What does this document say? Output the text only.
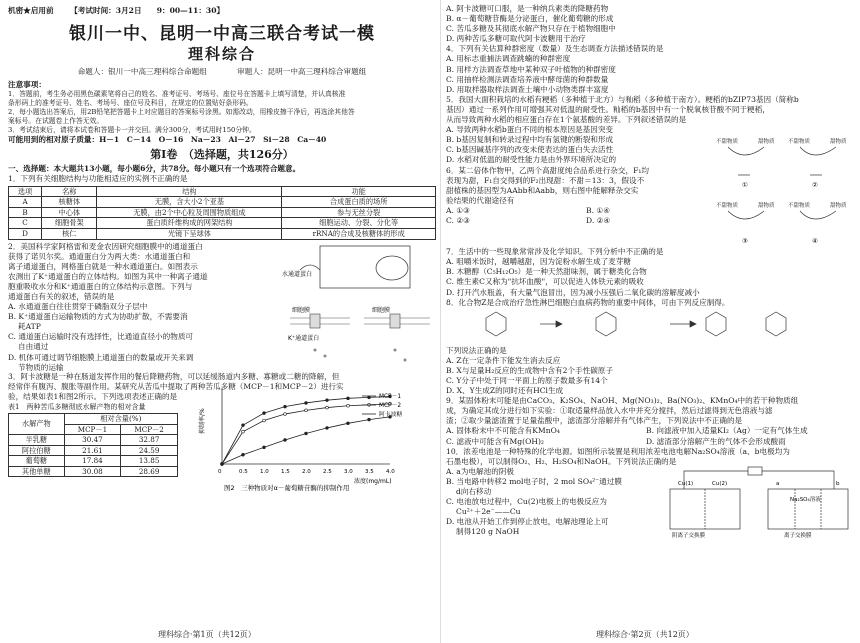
机密★启用前 【考试时间：3月2日　　9：00—11：30】
银川一中、昆明一中高三联合考试一模
理科综合
命题人：银川一中高三理科综合命题组　　　　审题人：昆明一中高三理科综合审题组
注意事项：
1．答题前，考生务必用黑色碳素笔将自己的姓名、准考证号、考场号、座位号在答题卡上填写清楚，并认真核准
条形码上的准考证号、姓名、考场号、座位号及科目，在规定的位置贴好条形码。
2．每小题选出答案后，用2B铅笔把答题卡上对应题目的答案标号涂黑。如需改动，用橡皮擦干净后，再选涂其他答
案标号。在试题卷上作答无效。
3．考试结束后，请将本试卷和答题卡一并交回。满分300分，考试用时150分钟。
可能用到的相对原子质量：H－1　C－14　O－16　Na－23　Al－27　Si－28　Ca－40
第Ⅰ卷　（选择题，共126分）
一、选择题：本大题共13小题，每小题6分，共78分。每小题只有一个选项符合题意。
1．下列有关细胞结构与功能相适应的实例不正确的是
选项	名称	结构	功能
A	核糖体	无膜，含大小2个亚基	合成蛋白质的场所
B	中心体	无膜，由2个中心粒及周围物质组成	参与无丝分裂
C	细胞骨架	蛋白质纤维构成的网架结构	细胞运动、分裂、分化等
D	核仁	光镜下呈球体	rRNA的合成及核糖体的形成
2．美国科学家阿格雷和麦金农因研究细胞膜中的通道蛋白
获得了诺贝尔奖。通道蛋白分为两大类：水通道蛋白和
离子通道蛋白，网格蛋白就是一种水通道蛋白。如图表示
农测出了K⁺通道蛋白的立体结构。如图为其中一种离子通道
胞重吸收水分和K⁺通道蛋白的立体结构示意图。下列与
通道蛋白有关的叙述，错误的是
A. 水通道蛋白往往贯穿于磷脂双分子层中
B. K⁺通道蛋白运输物质的方式为协助扩散，不需要消
　 耗ATP
C. 通道蛋白运输时没有选择性，比通道直径小的物质可
　 自由通过
D. 机体可通过调节细胞膜上通道蛋白的数量或开关来调
　 节物质的运输
水通道蛋白
细胞膜
K⁺通道蛋白
细胞膜
3．阿卡波糖是一种在肠道发挥作用的餐后降糖药物，可以延缓肠道内多糖、寡糖或二糖的降解，但
经常伴有腹泻、腹胀等副作用。某研究从苦瓜中提取了两种苦瓜多糖（MCP－1和MCP－2）进行实
验，结果如表1和图2所示。下列选项表述正确的是
表1　两种苦瓜多糖彻底水解产物的相对含量
水解产物	相对含量(%)	
	MCP－1	MCP－2
半乳糖	30.47	32.87
阿拉伯糖	21.61	24.59
葡萄糖	17.84	13.85
其他单糖	30.08	28.69
抑制率/%
浓度(mg/mL)
0	0.5 1.0 1.5 2.0 2.5 3.0 3.5 4.0
MCP－1
MCP－2
阿卡波糖
图2　三种物质对α－葡萄糖苷酶的抑制作用
理科综合·第1页（共12页）
A. 阿卡波糖可口服，是一种纳兵素类的降糖药物
B. α－葡萄糖苷酶是分泌蛋白，催化葡萄糖的形成
C. 苦瓜多糖及其彻底水解产物只存在于植物细胞中
D. 两种苦瓜多糖可取代阿卡波糖用于治疗
4．下列有关估算种群密度（数量）及生态调查方法描述错误的是
A. 用标志重捕法调查跳蝻的种群密度
B. 用样方法调查草地中某种双子叶植物的种群密度
C. 用抽样检测法调查培养液中酵母菌的种群数量
D. 用取样器取样法调查土壤中小动物类群丰富度
5．我国大面积栽培的水稻有粳稻（多种植于北方）与籼稻（多种植于南方）。粳稻的bZIP73基因（简称b
基因）通过一系列作用可增强其对低温的耐受性。籼稻的b基因中有一个脱氧核苷酸不同于粳稻，
从而导致两种水稻的相应蛋白存在1个氨基酸的差异。下列叙述错误的是
A. 导致两种水稻b蛋白不同的根本原因是基因突变
B. b基因复制和转录过程中均有氢键的断裂和形成
C. b基因碱基序列的改变未使表达的蛋白失去活性
D. 水稻对低温的耐受性能力是由外界环境所决定的
6．某二倍体作物甲，乙两个高甜度纯合品系进行杂交，F₁均
表现为甜，F₁自交得到的F₂出现甜：不甜＝13：3，假设不
甜植株的基因型为AAbb和Aabb，则右图中能解释杂交实
验结果的代谢途径有
A. ①③	B. ①④
C. ②③	D. ②④
不甜物质	甜物质 不甜物质	甜物质
不甜物质	甜物质 不甜物质	甜物质
①	②
③	④
7．生活中的一些现象常常涉及化学知识。下列分析中不正确的是
A. 咀嚼米饭时，越嚼越甜，因为淀粉水解生成了麦芽糖
B. 木糖醇（C₅H₁₂O₅）是一种天然甜味剂，属于糖类化合物
C. 维生素C又称为"抗坏血酸"，可以促进人体铁元素的吸收
D. 打开汽水瓶盖，有大量气泡冒出，因为减小压强后二氧化碳的溶解度减小
8．化合物Z是合成治疗急性淋巴细胞白血病药物的重要中间体，可由下列反应制得。
下列说法正确的是
A. Z在一定条件下能发生消去反应
B. X与足量H₂反应的生成物中含有2个手性碳原子
C. Y分子中处于同一平面上的原子数最多有14个
D. X、Y生成Z的同时还有HCl生成
9．某固体粉末可能是由CaCO₃、K₂SO₄、NaOH、Mg(NO₃)₂、Ba(NO₃)₂、KMnO₄中的若干种物质组
成，为确定其成分进行如下实验：①取适量样品放入水中并充分搅拌，然后过滤得到无色溶液与滤
渣；②取少量滤渣置于足量盐酸中，滤渣部分溶解并有气体产生，下列说法中不正确的是
A. 固体粉末中不可能含有KMnO₄	B. 向滤液中加入适量KI₂（Ag）一定有气体生成
C. 滤液中可能含有Mg(OH)₂	D. 滤渣部分溶解产生的气体不会形成酸雨
10．浓差电池是一种特殊的化学电源。如图所示装置是利用浓差电池电解Na₂SO₄溶液（a、b电极均为
石墨电极），可以制得O₂、H₂、H₂SO₄和NaOH。下列说法正确的是
A. a为电解池的阴极
B. 当电路中转移2 mol电子时，2 mol SO₄²⁻通过膜
　 d向右移动
C. 电池放电过程中，Cu(2)电极上的电极反应为
　 Cu²⁺＋2e⁻——Cu
D. 电池从开始工作到停止放电，电解池理论上可
　 制得120 g NaOH
Cu(1)	Cu(2)	a	b
Na₂SO₄溶液
阴离子交换膜	离子交换膜
理科综合·第2页（共12页）
